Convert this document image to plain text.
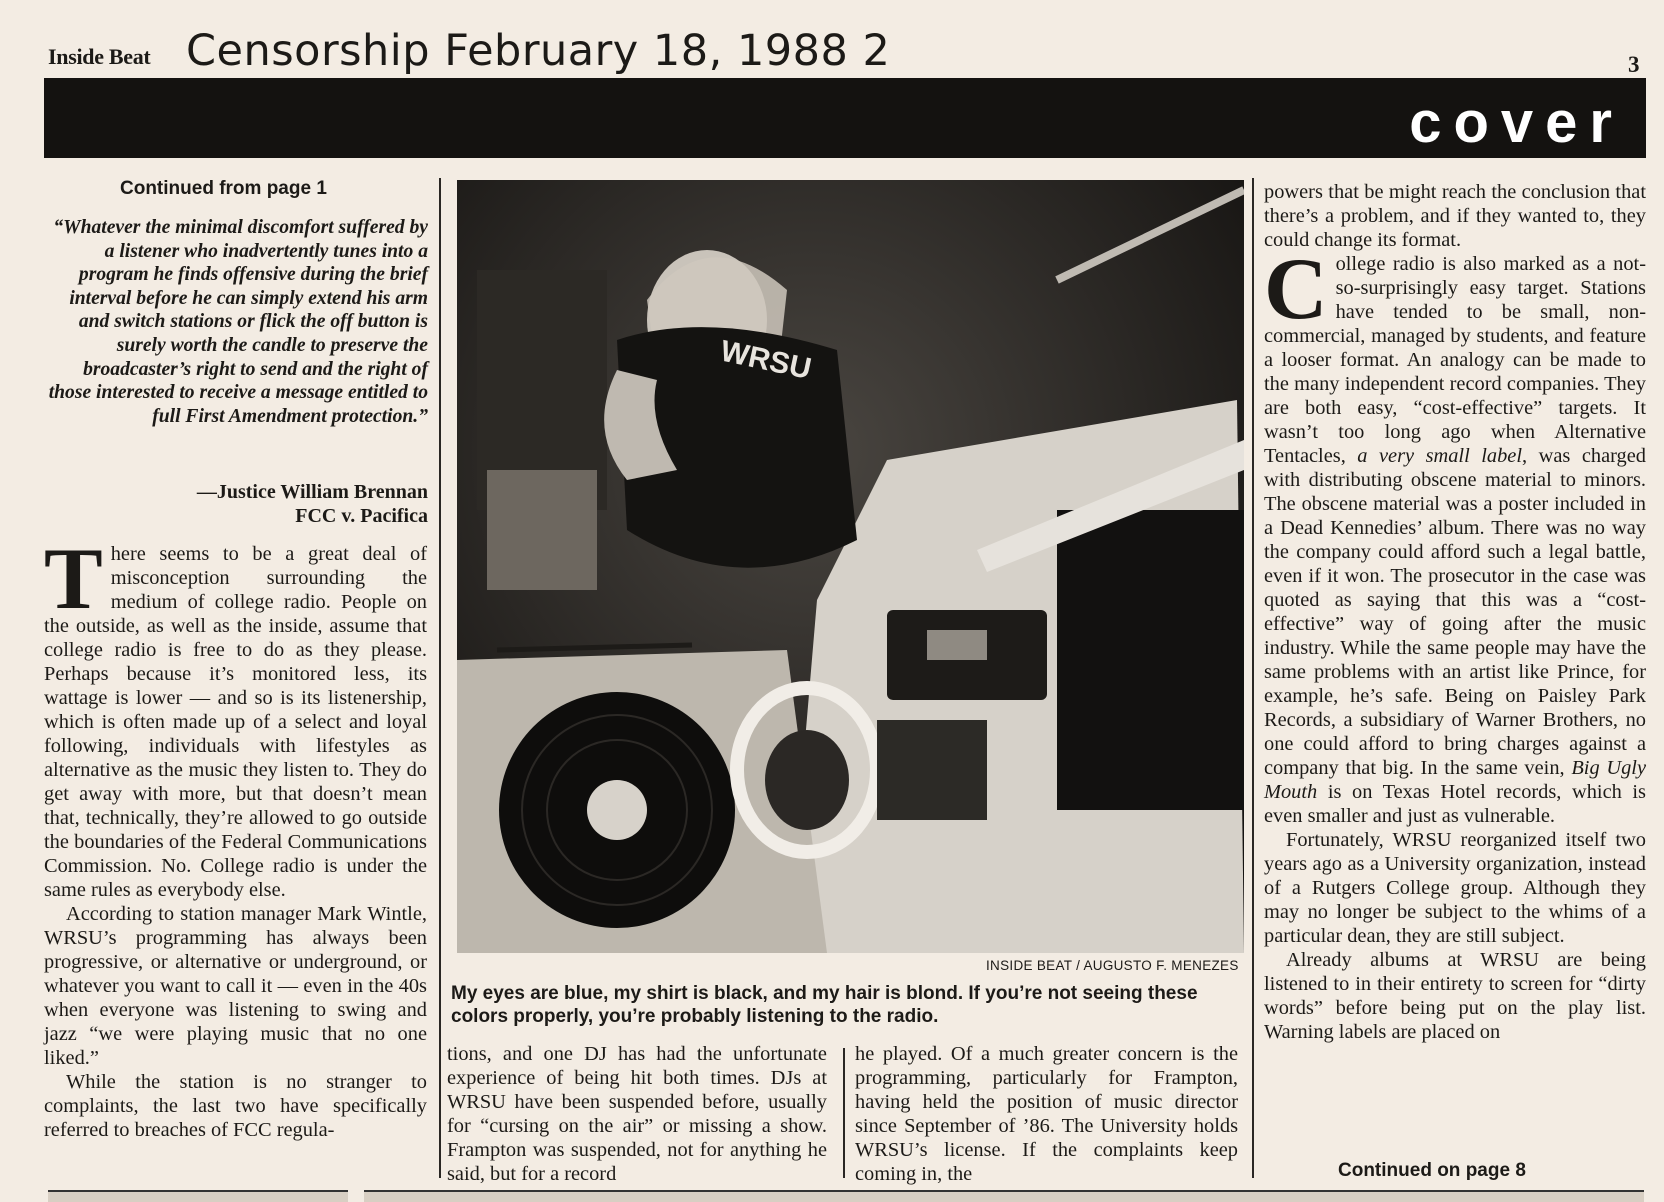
Inside Beat Censorship February 18, 1988 2	3
cover
Continued from page 1
“Whatever the minimal discomfort suffered by a listener who inadvertently tunes into a program he finds offensive during the brief interval before he can simply extend his arm and switch stations or flick the off button is surely worth the candle to preserve the broadcaster’s right to send and the right of those interested to receive a message entitled to full First Amendment protection.”
—Justice William Brennan
FCC v. Pacifica

There seems to be a great deal of misconception surrounding the medium of college radio. People on the outside, as well as the inside, assume that college radio is free to do as they please. Perhaps because it’s monitored less, its wattage is lower — and so is its listenership, which is often made up of a select and loyal following, individuals with lifestyles as alternative as the music they listen to. They do get away with more, but that doesn’t mean that, technically, they’re allowed to go outside the boundaries of the Federal Communications Commission. No. College radio is under the same rules as everybody else.

According to station manager Mark Wintle, WRSU’s programming has always been progressive, or alternative or underground, or whatever you want to call it — even in the 40s when everyone was listening to swing and jazz “we were playing music that no one liked.”

While the station is no stranger to complaints, the last two have specifically referred to breaches of FCC regula-

WRSU
INSIDE BEAT / AUGUSTO F. MENEZES
My eyes are blue, my shirt is black, and my hair is blond. If you’re not seeing these colors properly, you’re probably listening to the radio.

tions, and one DJ has had the unfortunate experience of being hit both times. DJs at WRSU have been suspended before, usually for “cursing on the air” or missing a show. Frampton was suspended, not for anything he said, but for a record

he played. Of a much greater concern is the programming, particularly for Frampton, having held the position of music director since September of ’86. The University holds WRSU’s license. If the complaints keep coming in, the

powers that be might reach the conclusion that there’s a problem, and if they wanted to, they could change its format.

College radio is also marked as a not-so-surprisingly easy target. Stations have tended to be small, non-commercial, managed by students, and feature a looser format. An analogy can be made to the many independent record companies. They are both easy, “cost-effective” targets. It wasn’t too long ago when Alternative Tentacles, a very small label, was charged with distributing obscene material to minors. The obscene material was a poster included in a Dead Kennedies’ album. There was no way the company could afford such a legal battle, even if it won. The prosecutor in the case was quoted as saying that this was a “cost-effective” way of going after the music industry. While the same people may have the same problems with an artist like Prince, for example, he’s safe. Being on Paisley Park Records, a subsidiary of Warner Brothers, no one could afford to bring charges against a company that big. In the same vein, Big Ugly Mouth is on Texas Hotel records, which is even smaller and just as vulnerable.

Fortunately, WRSU reorganized itself two years ago as a University organization, instead of a Rutgers College group. Although they may no longer be subject to the whims of a particular dean, they are still subject.

Already albums at WRSU are being listened to in their entirety to screen for “dirty words” before being put on the play list. Warning labels are placed on

Continued on page 8
